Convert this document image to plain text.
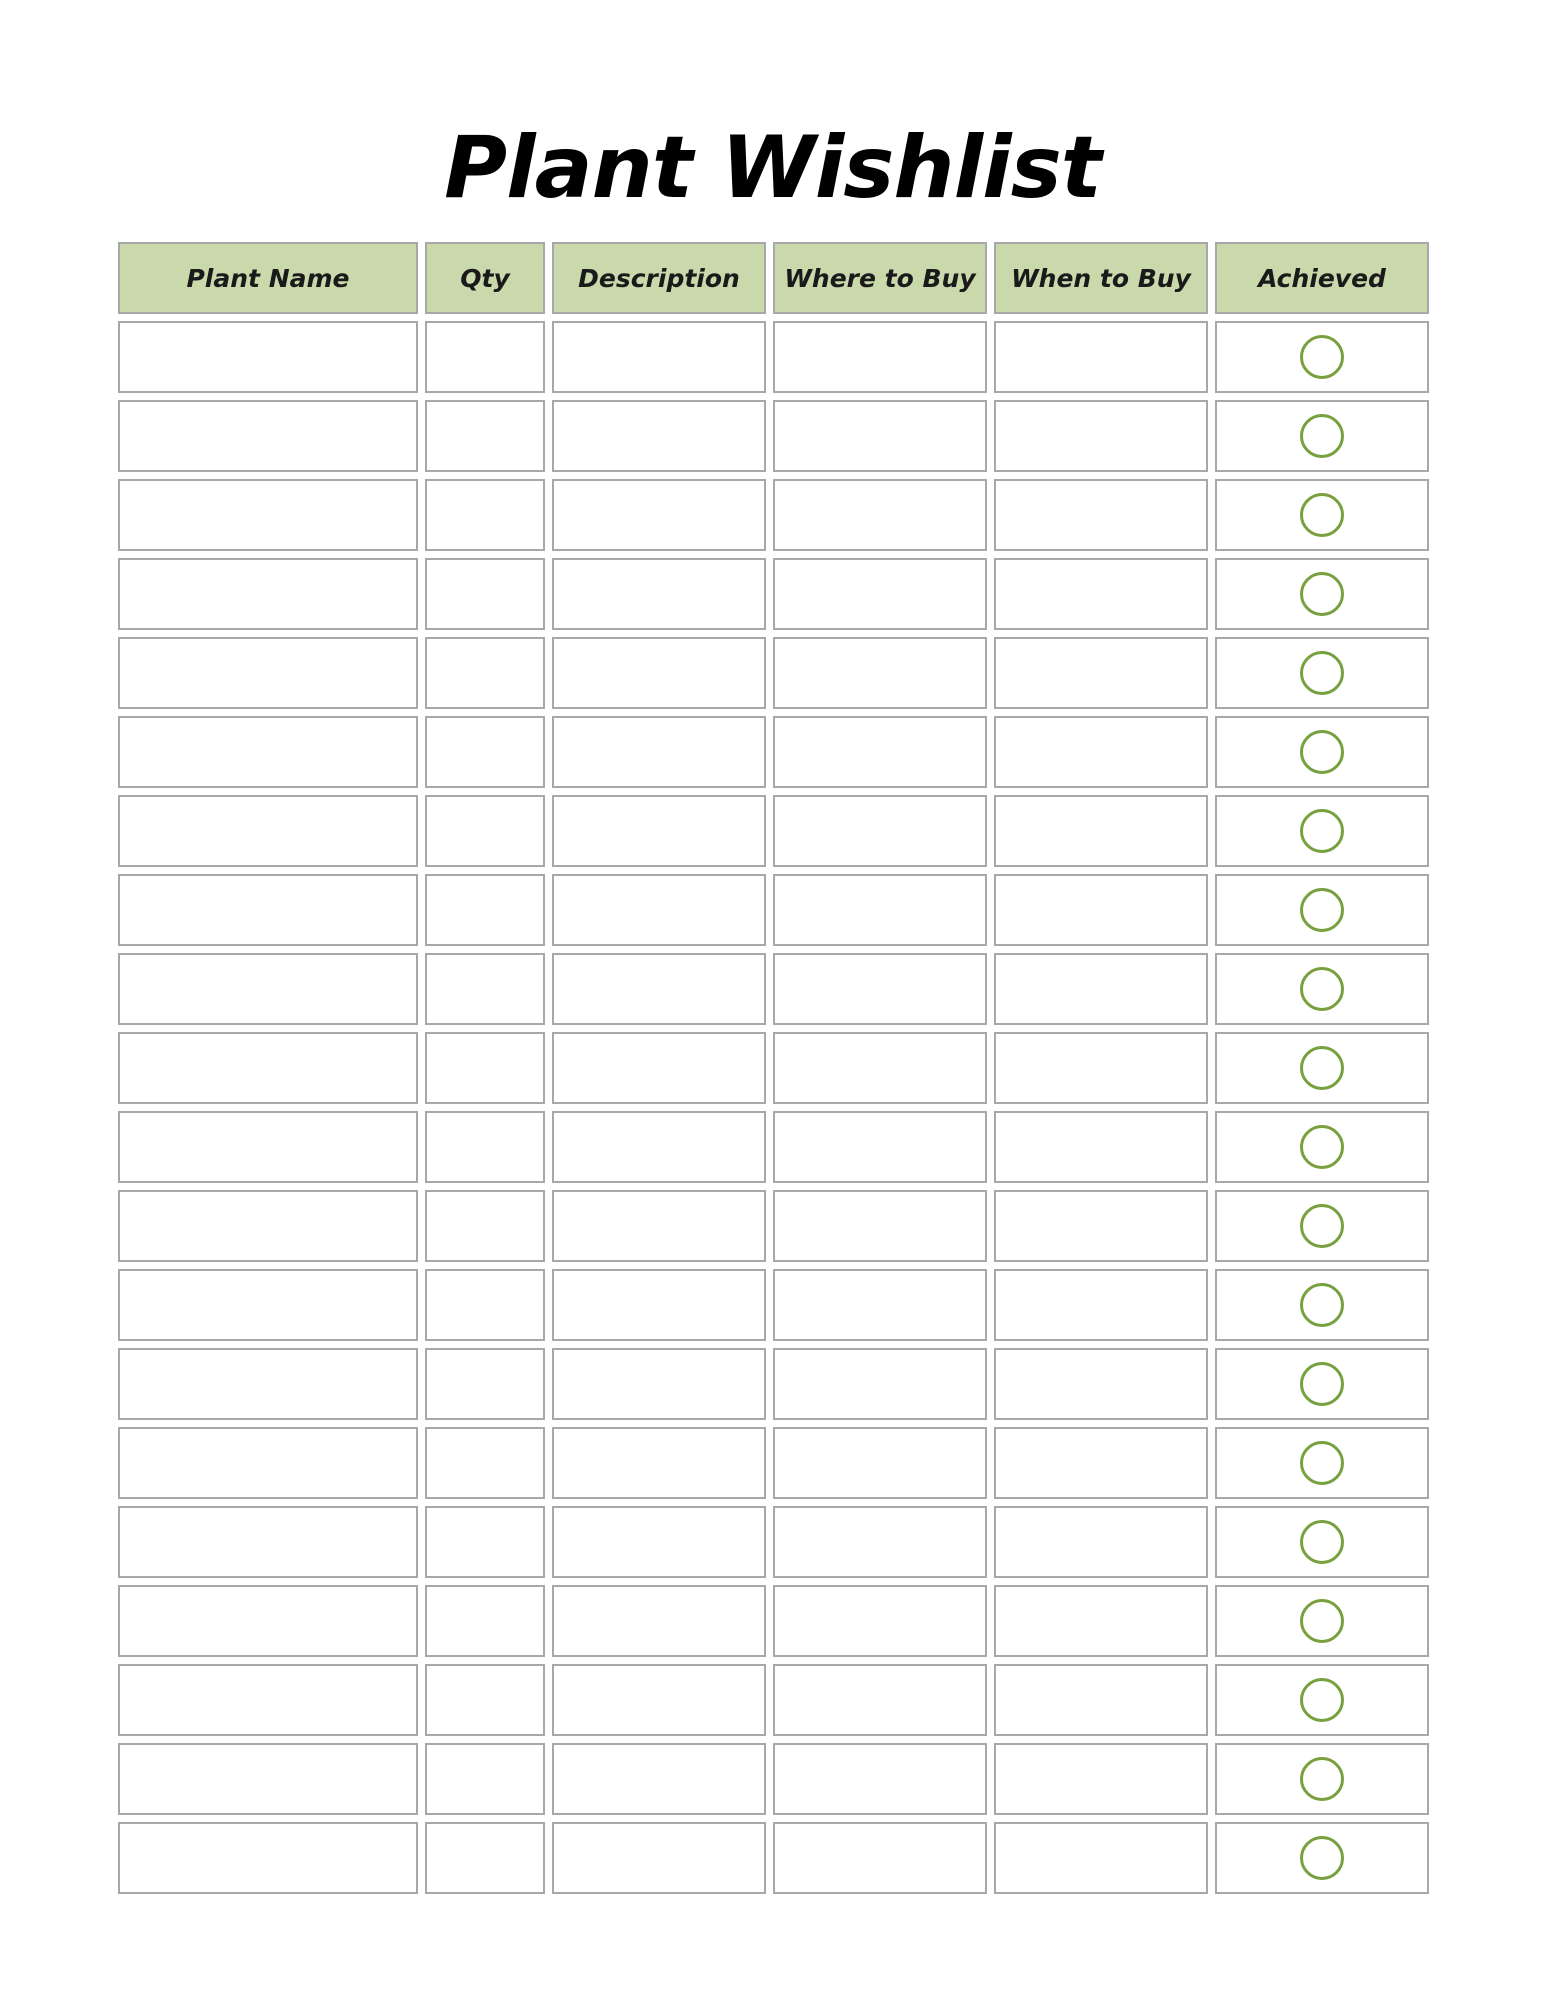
Plant Wishlist
Plant Name	Qty	Description	Where to Buy	When to Buy	Achieved
